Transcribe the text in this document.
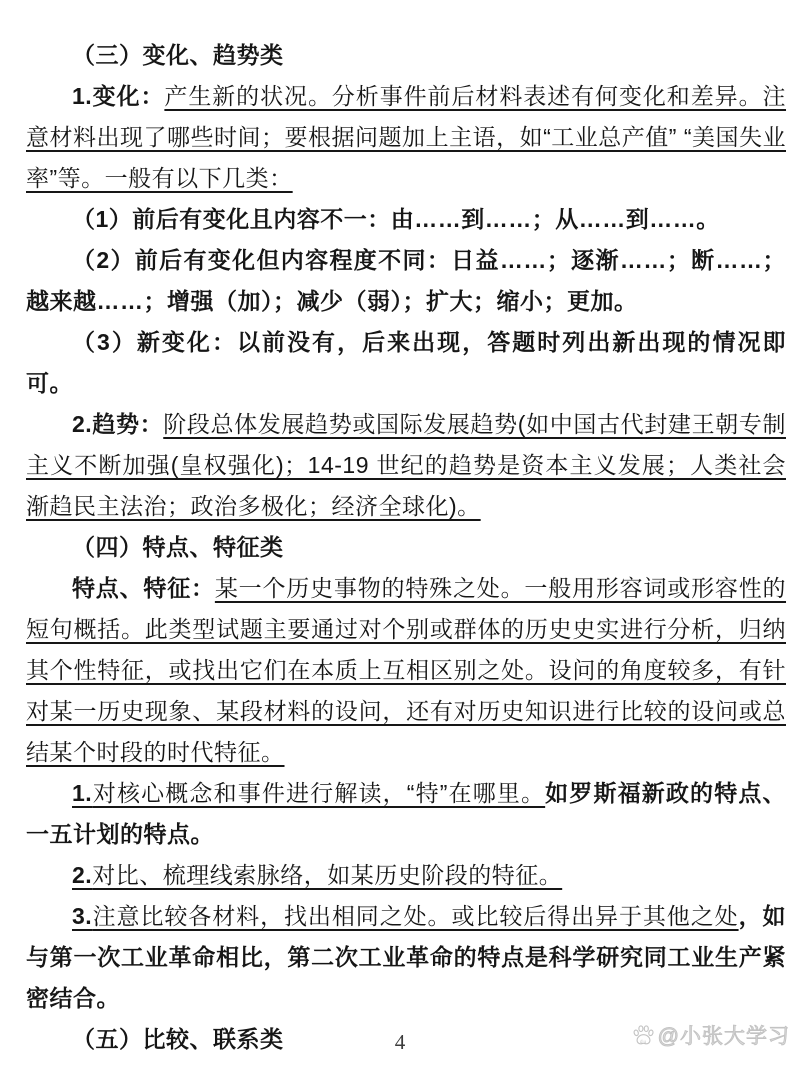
（三）变化、趋势类

1.变化：产生新的状况。分析事件前后材料表述有何变化和差异。注意材料出现了哪些时间；要根据问题加上主语，如“工业总产值” “美国失业率”等。一般有以下几类：

（1）前后有变化且内容不一：由……到……；从……到……。

（2）前后有变化但内容程度不同：日益……；逐渐……；断……；越来越……；增强（加）；减少（弱）；扩大；缩小；更加。

（3）新变化：以前没有，后来出现，答题时列出新出现的情况即可。

2.趋势：阶段总体发展趋势或国际发展趋势(如中国古代封建王朝专制主义不断加强(皇权强化)；14-19 世纪的趋势是资本主义发展；人类社会渐趋民主法治；政治多极化；经济全球化)。

（四）特点、特征类

特点、特征：某一个历史事物的特殊之处。一般用形容词或形容性的短句概括。此类型试题主要通过对个别或群体的历史史实进行分析，归纳其个性特征，或找出它们在本质上互相区别之处。设问的角度较多，有针对某一历史现象、某段材料的设问，还有对历史知识进行比较的设问或总结某个时段的时代特征。

1.对核心概念和事件进行解读，“特”在哪里。如罗斯福新政的特点、一五计划的特点。

2.对比、梳理线索脉络，如某历史阶段的特征。

3.注意比较各材料，找出相同之处。或比较后得出异于其他之处，如与第一次工业革命相比，第二次工业革命的特点是科学研究同工业生产紧密结合。

（五）比较、联系类	4	du @小张大学习
